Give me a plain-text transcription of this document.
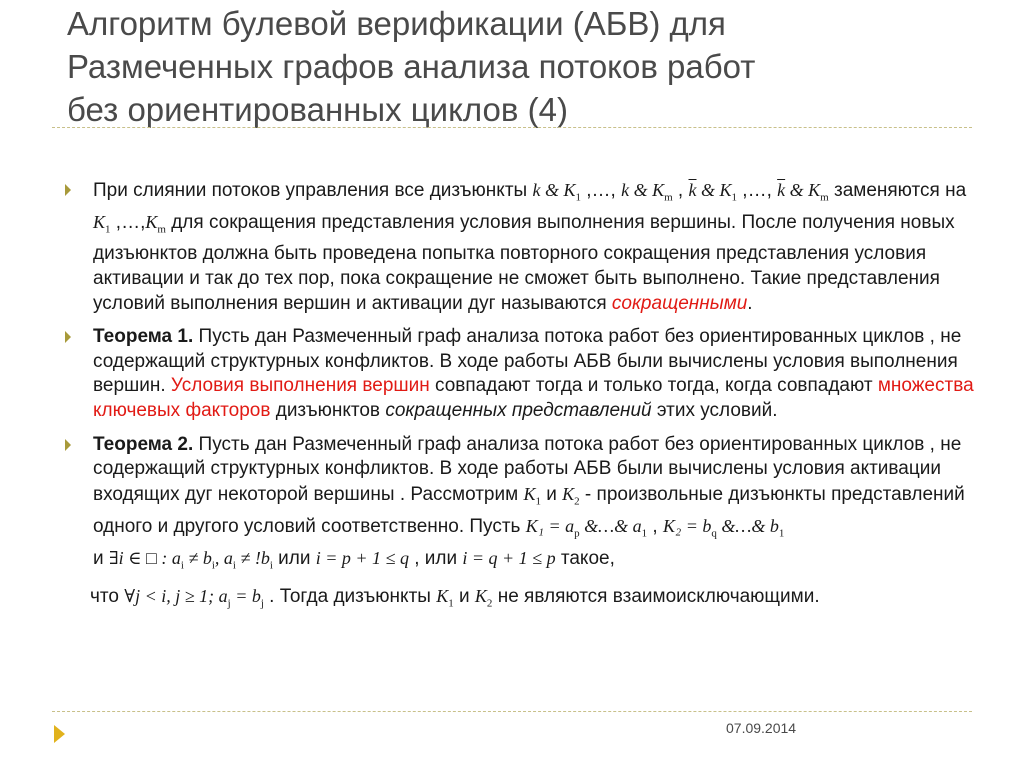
Алгоритм булевой верификации (АБВ) для
Размеченных графов анализа потоков работ
без ориентированных циклов (4)

При слиянии потоков управления все дизъюнкты k & $K_1$ ,…, k & $K_m$ , $\overline{k}$ & $K_1$ ,…, $\overline{k}$ & $K_m$ заменяются на $K_1$ $,\dots,K_m$ для сокращения представления условия выполнения вершины. После получения новых дизъюнктов должна быть проведена попытка повторного сокращения представления условия активации и так до тех пор, пока сокращение не сможет быть выполнено. Такие представления условий выполнения вершин и активации дуг называются сокращенными.

Теорема 1. Пусть дан Размеченный граф анализа потока работ без ориентированных циклов , не содержащий структурных конфликтов. В ходе работы АБВ были вычислены условия выполнения вершин. Условия выполнения вершин совпадают тогда и только тогда, когда совпадают множества ключевых факторов дизъюнктов сокращенных представлений этих условий.

Теорема 2. Пусть дан Размеченный граф анализа потока работ без ориентированных циклов , не содержащий структурных конфликтов. В ходе работы АБВ были вычислены условия активации входящих дуг некоторой вершины . Рассмотрим $K_1$ и $K_2$ - произвольные дизъюнкты представлений одного и другого условий соответственно. Пусть $K_1 = a_p$ &…& $a_1$ , $K_2 = b_q$ &…& $b_1$
и ∃i ∈ □ : $a_i \ne b_i$, $a_i \ne !b_i$ или i = p + 1 ≤ q , или i = q + 1 ≤ p такое,

что ∀j < i, j ≥ 1; $a_j = b_j$ . Тогда дизъюнкты $K_1$ и $K_2$ не являются взаимоисключающими.

07.09.2014
